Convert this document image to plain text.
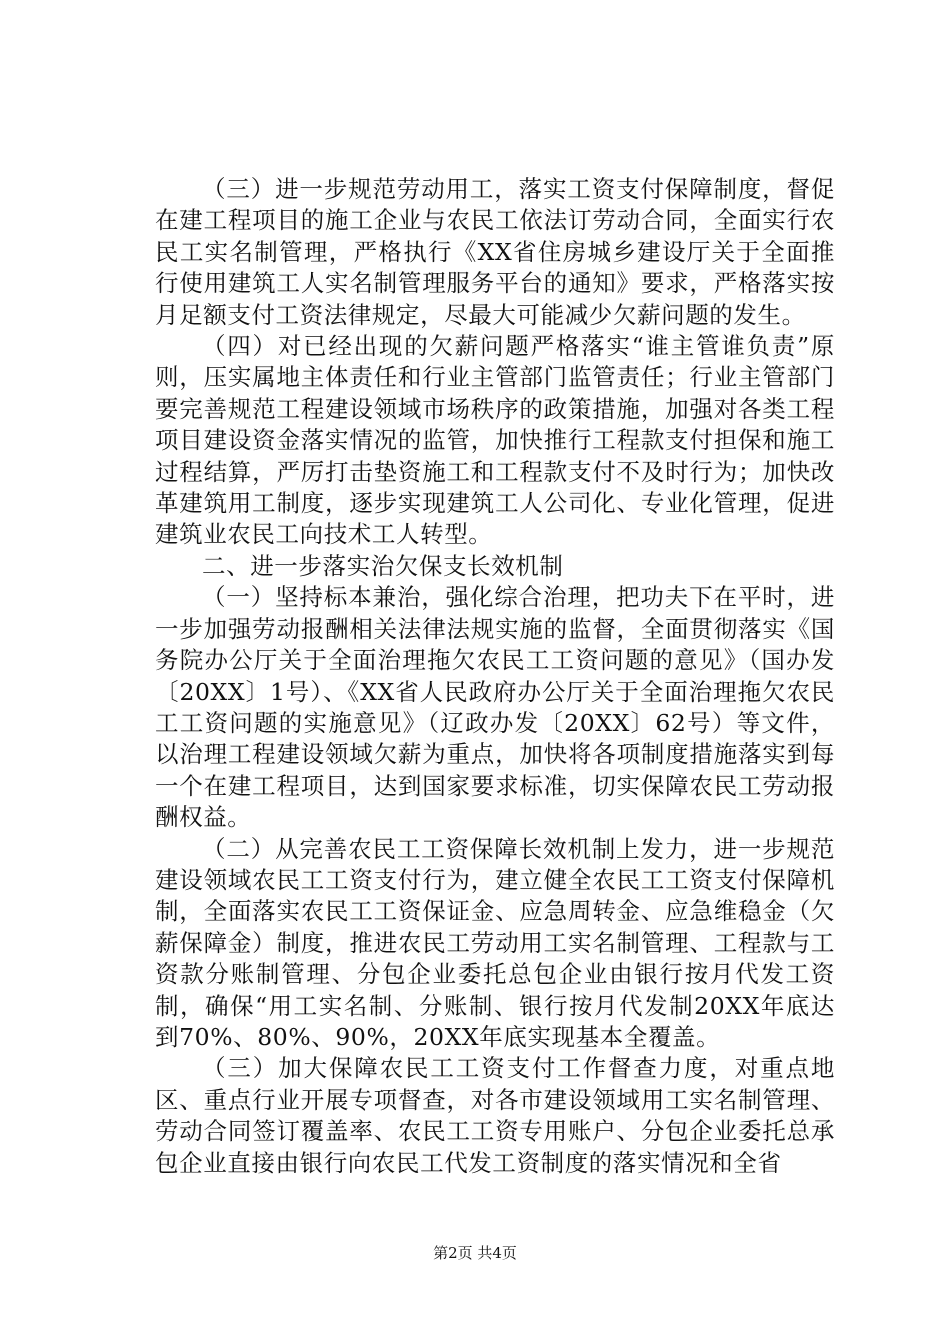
（三）进一步规范劳动用工，落实工资支付保障制度，督促在建工程项目的施工企业与农民工依法订劳动合同，全面实行农民工实名制管理，严格执行《XX省住房城乡建设厅关于全面推行使用建筑工人实名制管理服务平台的通知》要求，严格落实按月足额支付工资法律规定，尽最大可能减少欠薪问题的发生。

（四）对已经出现的欠薪问题严格落实“谁主管谁负责”原则，压实属地主体责任和行业主管部门监管责任；行业主管部门要完善规范工程建设领域市场秩序的政策措施，加强对各类工程项目建设资金落实情况的监管，加快推行工程款支付担保和施工过程结算，严厉打击垫资施工和工程款支付不及时行为；加快改革建筑用工制度，逐步实现建筑工人公司化、专业化管理，促进建筑业农民工向技术工人转型。

二、进一步落实治欠保支长效机制

（一）坚持标本兼治，强化综合治理，把功夫下在平时，进一步加强劳动报酬相关法律法规实施的监督，全面贯彻落实《国务院办公厅关于全面治理拖欠农民工工资问题的意见》（国办发〔20XX〕1号）、《XX省人民政府办公厅关于全面治理拖欠农民工工资问题的实施意见》（辽政办发〔20XX〕62号）等文件，以治理工程建设领域欠薪为重点，加快将各项制度措施落实到每一个在建工程项目，达到国家要求标准，切实保障农民工劳动报酬权益。

（二）从完善农民工工资保障长效机制上发力，进一步规范建设领域农民工工资支付行为，建立健全农民工工资支付保障机制，全面落实农民工工资保证金、应急周转金、应急维稳金（欠薪保障金）制度，推进农民工劳动用工实名制管理、工程款与工资款分账制管理、分包企业委托总包企业由银行按月代发工资制，确保“用工实名制、分账制、银行按月代发制20XX年底达到70%、80%、90%，20XX年底实现基本全覆盖。

（三）加大保障农民工工资支付工作督查力度，对重点地区、重点行业开展专项督查，对各市建设领域用工实名制管理、劳动合同签订覆盖率、农民工工资专用账户、分包企业委托总承包企业直接由银行向农民工代发工资制度的落实情况和全省

第2页 共4页
